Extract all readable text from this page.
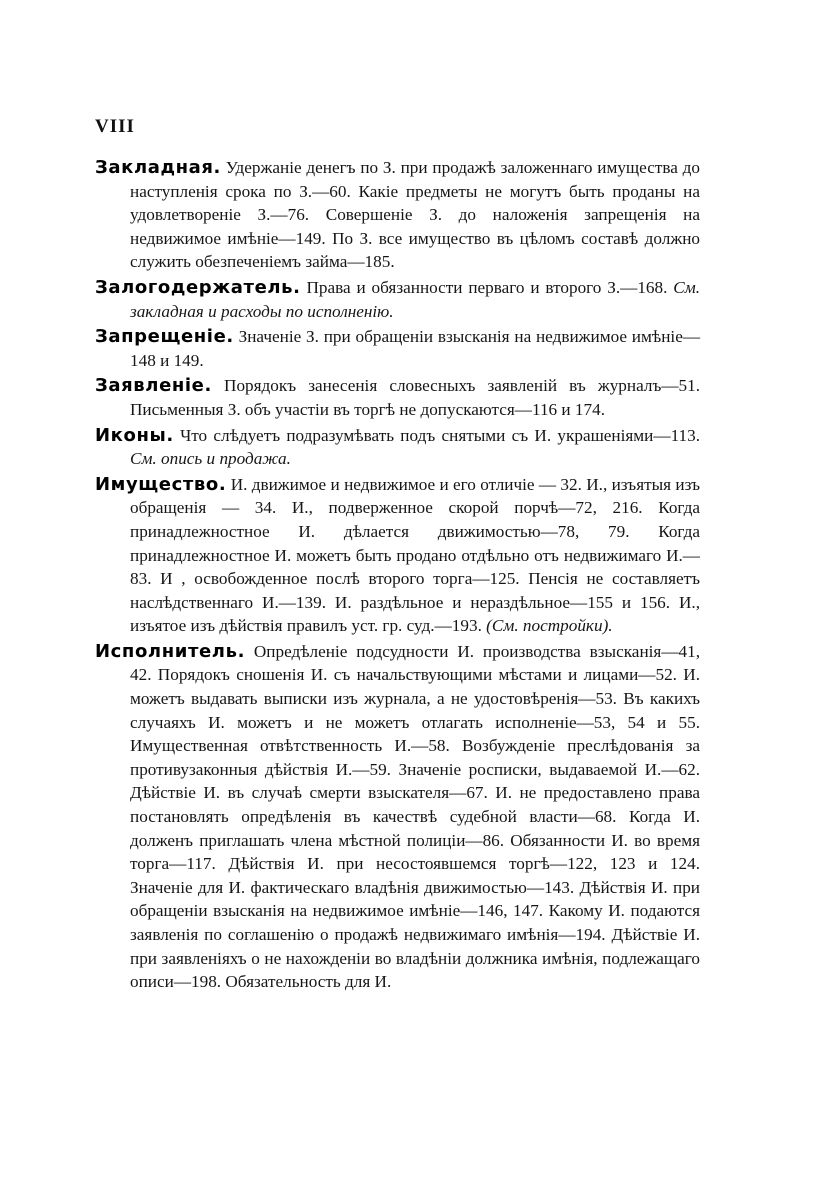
VIII

Закладная. Удержаніе денегъ по З. при продажѣ заложеннаго имущества до наступленія срока по З.—60. Какіе предметы не могутъ быть проданы на удовлетвореніе З.—76. Совершеніе З. до наложенія запрещенія на недвижимое имѣніе—149. По З. все имущество въ цѣломъ составѣ должно служить обезпеченіемъ займа—185.

Залогодержатель. Права и обязанности перваго и второго З.—168. См. закладная и расходы по исполненію.

Запрещеніе. Значеніе З. при обращеніи взысканія на недвижимое имѣніе—148 и 149.

Заявленіе. Порядокъ занесенія словесныхъ заявленій въ журналъ—51. Письменныя З. объ участіи въ торгѣ не допускаются—116 и 174.

Иконы. Что слѣдуетъ подразумѣвать подъ снятыми съ И. украшеніями—113. См. опись и продажа.

Имущество. И. движимое и недвижимое и его отличіе — 32. И., изъятыя изъ обращенія — 34. И., подверженное скорой порчѣ—72, 216. Когда принадлежностное И. дѣлается движимостью—78, 79. Когда принадлежностное И. можетъ быть продано отдѣльно отъ недвижимаго И.—83. И , освобожденное послѣ второго торга—125. Пенсія не составляетъ наслѣдственнаго И.—139. И. раздѣльное и нераздѣльное—155 и 156. И., изъятое изъ дѣйствія правилъ уст. гр. суд.—193. (См. постройки).

Исполнитель. Опредѣленіе подсудности И. производства взысканія—41, 42. Порядокъ сношенія И. съ начальствующими мѣстами и лицами—52. И. можетъ выдавать выписки изъ журнала, а не удостовѣренія—53. Въ какихъ случаяхъ И. можетъ и не можетъ отлагать исполненіе—53, 54 и 55. Имущественная отвѣтственность И.—58. Возбужденіе преслѣдованія за противузаконныя дѣйствія И.—59. Значеніе росписки, выдаваемой И.—62. Дѣйствіе И. въ случаѣ смерти взыскателя—67. И. не предоставлено права постановлять опредѣленія въ качествѣ судебной власти—68. Когда И. долженъ приглашать члена мѣстной полиціи—86. Обязанности И. во время торга—117. Дѣйствія И. при несостоявшемся торгѣ—122, 123 и 124. Значеніе для И. фактическаго владѣнія движимостью—143. Дѣйствія И. при обращеніи взысканія на недвижимое имѣніе—146, 147. Какому И. подаются заявленія по соглашенію о продажѣ недвижимаго имѣнія—194. Дѣйствіе И. при заявленіяхъ о не нахожденіи во владѣніи должника имѣнія, подлежащаго описи—198. Обязательность для И.
